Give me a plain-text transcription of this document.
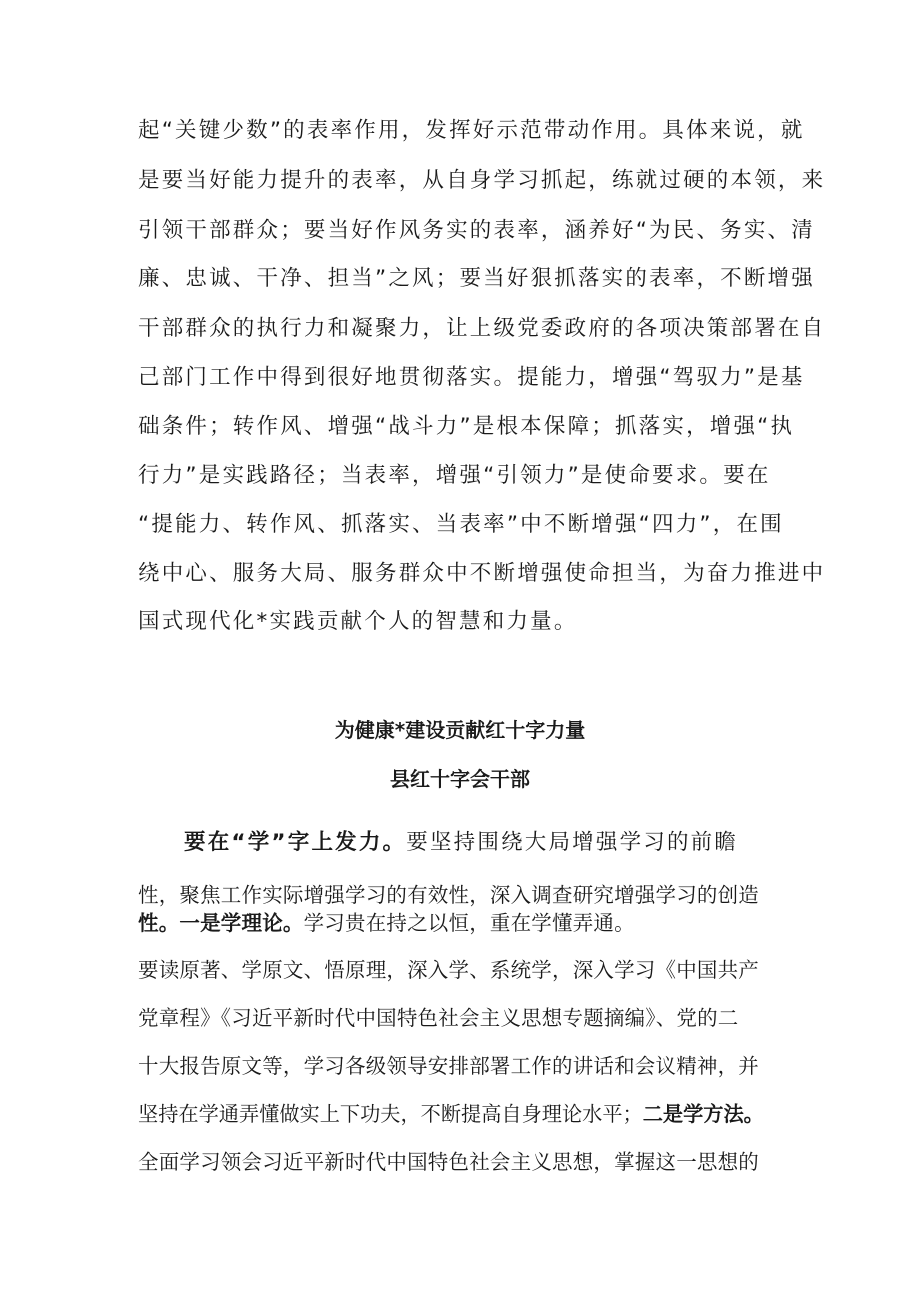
起“关键少数”的表率作用，发挥好示范带动作用。具体来说，就
是要当好能力提升的表率，从自身学习抓起，练就过硬的本领，来
引领干部群众；要当好作风务实的表率，涵养好“为民、务实、清
廉、忠诚、干净、担当”之风；要当好狠抓落实的表率，不断增强
干部群众的执行力和凝聚力，让上级党委政府的各项决策部署在自
己部门工作中得到很好地贯彻落实。提能力，增强“驾驭力”是基
础条件；转作风、增强“战斗力”是根本保障；抓落实，增强“执
行力”是实践路径；当表率，增强“引领力”是使命要求。要在
“提能力、转作风、抓落实、当表率”中不断增强“四力”，在围
绕中心、服务大局、服务群众中不断增强使命担当，为奋力推进中
国式现代化*实践贡献个人的智慧和力量。
为健康*建设贡献红十字力量
县红十字会干部
要在“学”字上发力。要坚持围绕大局增强学习的前瞻
性，聚焦工作实际增强学习的有效性，深入调查研究增强学习的创造
性。一是学理论。学习贵在持之以恒，重在学懂弄通。
要读原著、学原文、悟原理，深入学、系统学，深入学习《中国共产
党章程》《习近平新时代中国特色社会主义思想专题摘编》、党的二
十大报告原文等，学习各级领导安排部署工作的讲话和会议精神，并
坚持在学通弄懂做实上下功夫，不断提高自身理论水平；二是学方法。
全面学习领会习近平新时代中国特色社会主义思想，掌握这一思想的
